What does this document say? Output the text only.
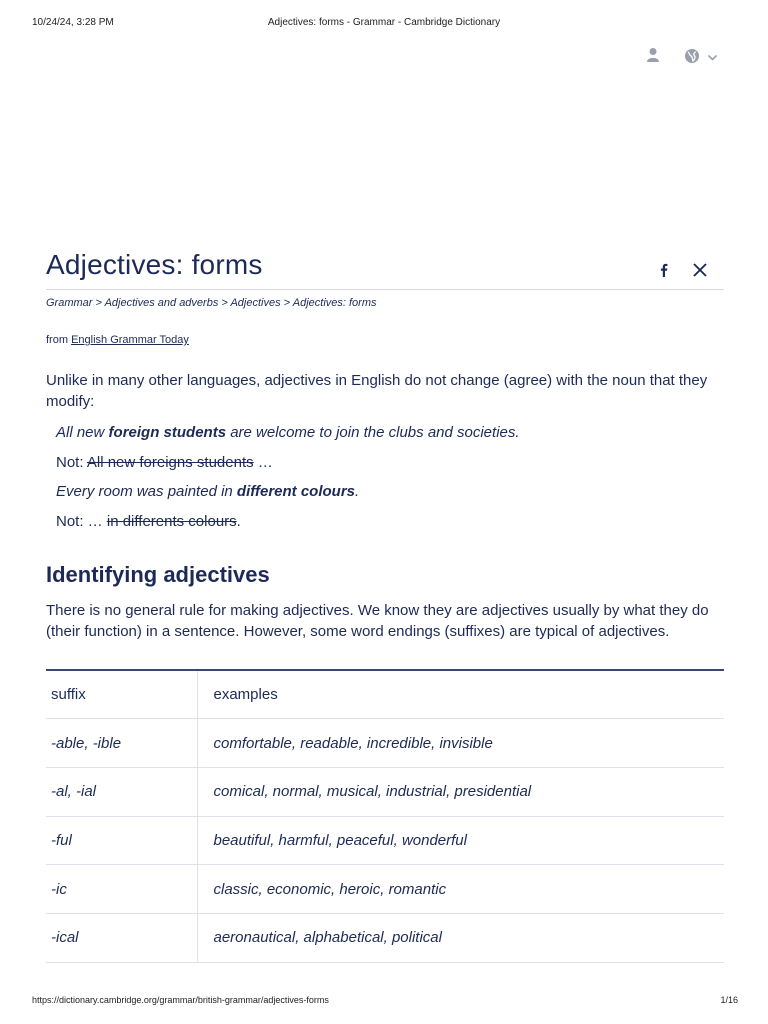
10/24/24, 3:28 PM	Adjectives: forms - Grammar - Cambridge Dictionary
Adjectives: forms
Grammar > Adjectives and adverbs > Adjectives > Adjectives: forms
from English Grammar Today

Unlike in many other languages, adjectives in English do not change (agree) with the noun that they modify:

All new foreign students are welcome to join the clubs and societies.
Not: All new foreigns students …
Every room was painted in different colours.
Not: … in differents colours.
Identifying adjectives

There is no general rule for making adjectives. We know they are adjectives usually by what they do (their function) in a sentence. However, some word endings (suffixes) are typical of adjectives.

suffix	examples
-able, -ible	comfortable, readable, incredible, invisible
-al, -ial	comical, normal, musical, industrial, presidential
-ful	beautiful, harmful, peaceful, wonderful
-ic	classic, economic, heroic, romantic
-ical	aeronautical, alphabetical, political
https://dictionary.cambridge.org/grammar/british-grammar/adjectives-forms	1/16
